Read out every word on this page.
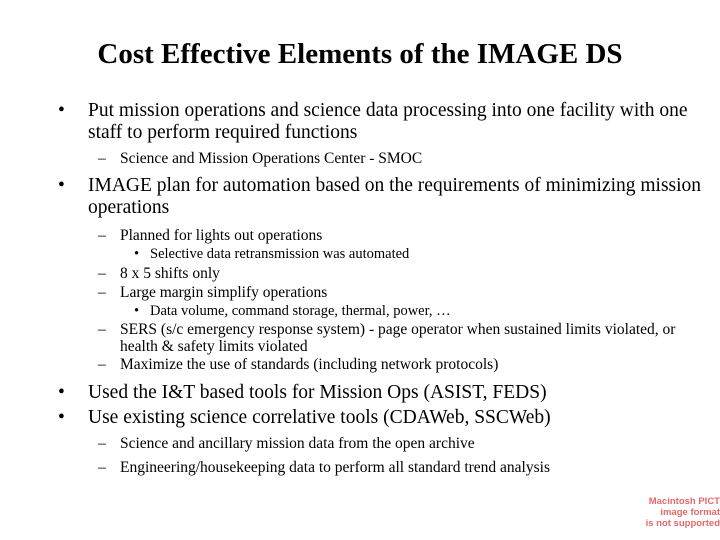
Cost Effective Elements of the IMAGE DS
• Put mission operations and science data processing into one facility with one staff to perform required functions
– Science and Mission Operations Center - SMOC
• IMAGE plan for automation based on the requirements of minimizing mission operations
– Planned for lights out operations
• Selective data retransmission was automated
– 8 x 5 shifts only
– Large margin simplify operations
• Data volume, command storage, thermal, power, …
– SERS (s/c emergency response system) - page operator when sustained limits violated, or health & safety limits violated
– Maximize the use of standards (including network protocols)
• Used the I&T based tools for Mission Ops (ASIST, FEDS)
• Use existing science correlative tools (CDAWeb, SSCWeb)
– Science and ancillary mission data from the open archive
– Engineering/housekeeping data to perform all standard trend analysis
Macintosh PICT
image format
is not supported
